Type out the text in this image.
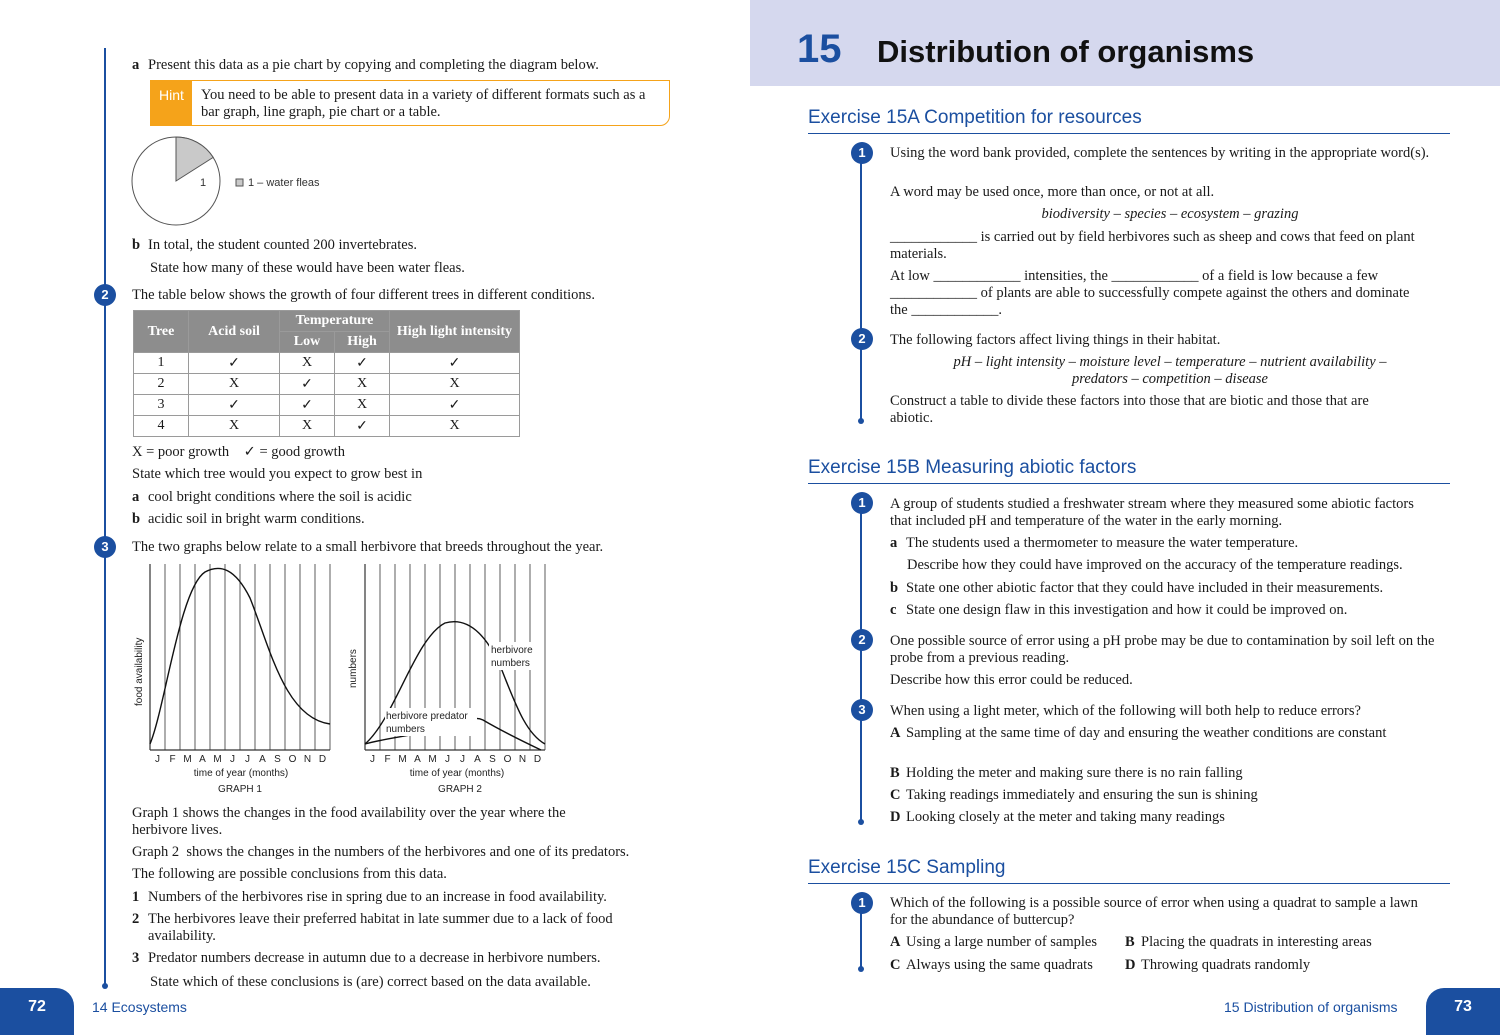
a Present this data as a pie chart by copying and completing the diagram below.
Hint	You need to be able to present data in a variety of different formats such as a bar graph, line graph, pie chart or a table.
1	1 – water fleas
b In total, the student counted 200 invertebrates.
State how many of these would have been water fleas.
2	The table below shows the growth of four different trees in different conditions.
Tree	Acid soil	Temperature		High light intensity
		Low	High	
1	✓	X	✓	✓
2	X	✓	X	X
3	✓	✓	X	✓
4	X	X	✓	X
X = poor growth    ✓ = good growth
State which tree would you expect to grow best in
a cool bright conditions where the soil is acidic
b acidic soil in bright warm conditions.
3	The two graphs below relate to a small herbivore that breeds throughout the year.
food availability
J F M A M J J A S O N D
time of year (months)
GRAPH 1
numbers	herbivore
numbers
herbivore predator
numbers
J F M A M J J A S O N D
time of year (months)
GRAPH 2
Graph 1 shows the changes in the food availability over the year where the herbivore lives.
Graph 2  shows the changes in the numbers of the herbivores and one of its predators.
The following are possible conclusions from this data.
1 Numbers of the herbivores rise in spring due to an increase in food availability.
2 The herbivores leave their preferred habitat in late summer due to a lack of food availability.
3 Predator numbers decrease in autumn due to a decrease in herbivore numbers.
State which of these conclusions is (are) correct based on the data available.
72	14 Ecosystems
15 Distribution of organisms
Exercise 15A Competition for resources
1	Using the word bank provided, complete the sentences by writing in the appropriate word(s).
A word may be used once, more than once, or not at all.
biodiversity – species – ecosystem – grazing
____________ is carried out by field herbivores such as sheep and cows that feed on plant materials.
At low ____________ intensities, the ____________ of a field is low because a few ____________ of plants are able to successfully compete against the others and dominate the ____________.
2	The following factors affect living things in their habitat.
pH – light intensity – moisture level – temperature – nutrient availability –
predators – competition – disease
Construct a table to divide these factors into those that are biotic and those that are abiotic.
Exercise 15B Measuring abiotic factors
1	A group of students studied a freshwater stream where they measured some abiotic factors that included pH and temperature of the water in the early morning.
a The students used a thermometer to measure the water temperature.
Describe how they could have improved on the accuracy of the temperature readings.
b State one other abiotic factor that they could have included in their measurements.
c State one design flaw in this investigation and how it could be improved on.
2	One possible source of error using a pH probe may be due to contamination by soil left on the probe from a previous reading.
Describe how this error could be reduced.
3	When using a light meter, which of the following will both help to reduce errors?
A Sampling at the same time of day and ensuring the weather conditions are constant
B Holding the meter and making sure there is no rain falling
C Taking readings immediately and ensuring the sun is shining
D Looking closely at the meter and taking many readings
Exercise 15C Sampling
1	Which of the following is a possible source of error when using a quadrat to sample a lawn for the abundance of buttercup?
A Using a large number of samples B Placing the quadrats in interesting areas
C Always using the same quadrats D Throwing quadrats randomly
15 Distribution of organisms	73
